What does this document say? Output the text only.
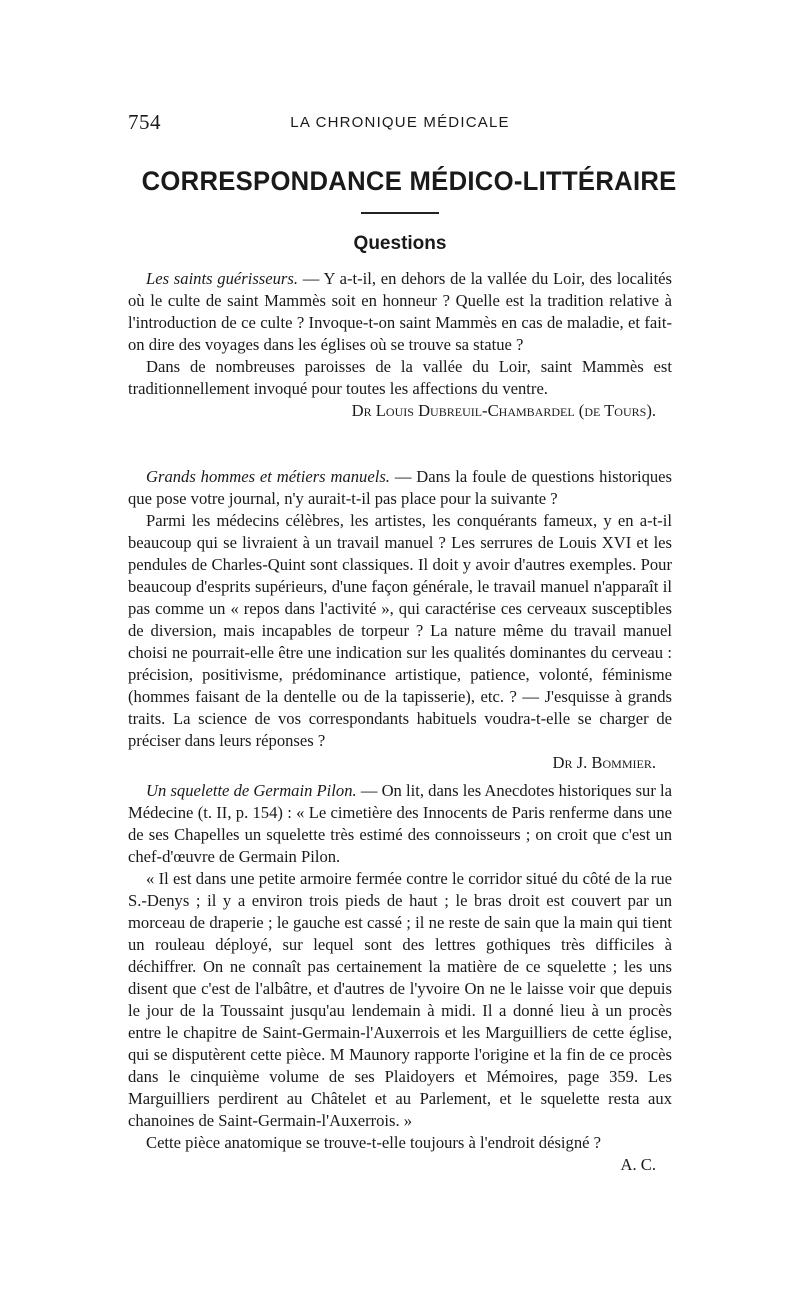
754	LA CHRONIQUE MÉDICALE
CORRESPONDANCE MÉDICO-LITTÉRAIRE
Questions

Les saints guérisseurs. — Y a-t-il, en dehors de la vallée du Loir, des localités où le culte de saint Mammès soit en honneur ? Quelle est la tradition relative à l'introduction de ce culte ? Invoque-t-on saint Mammès en cas de maladie, et fait-on dire des voyages dans les églises où se trouve sa statue ?

Dans de nombreuses paroisses de la vallée du Loir, saint Mammès est traditionnellement invoqué pour toutes les affections du ventre.

Dr Louis Dubreuil-Chambardel (de Tours).

Grands hommes et métiers manuels. — Dans la foule de questions historiques que pose votre journal, n'y aurait-t-il pas place pour la suivante ?

Parmi les médecins célèbres, les artistes, les conquérants fameux, y en a-t-il beaucoup qui se livraient à un travail manuel ? Les serrures de Louis XVI et les pendules de Charles-Quint sont classiques. Il doit y avoir d'autres exemples. Pour beaucoup d'esprits supérieurs, d'une façon générale, le travail manuel n'apparaît il pas comme un « repos dans l'activité », qui caractérise ces cerveaux susceptibles de diversion, mais incapables de torpeur ? La nature même du travail manuel choisi ne pourrait-elle être une indication sur les qualités dominantes du cerveau : précision, positivisme, prédominance artistique, patience, volonté, féminisme (hommes faisant de la dentelle ou de la tapisserie), etc. ? — J'esquisse à grands traits. La science de vos correspondants habituels voudra-t-elle se charger de préciser dans leurs réponses ?

Dr J. Bommier.

Un squelette de Germain Pilon. — On lit, dans les Anecdotes historiques sur la Médecine (t. II, p. 154) : « Le cimetière des Innocents de Paris renferme dans une de ses Chapelles un squelette très estimé des connoisseurs ; on croit que c'est un chef-d'œuvre de Germain Pilon.

« Il est dans une petite armoire fermée contre le corridor situé du côté de la rue S.-Denys ; il y a environ trois pieds de haut ; le bras droit est couvert par un morceau de draperie ; le gauche est cassé ; il ne reste de sain que la main qui tient un rouleau déployé, sur lequel sont des lettres gothiques très difficiles à déchiffrer. On ne connaît pas certainement la matière de ce squelette ; les uns disent que c'est de l'albâtre, et d'autres de l'yvoire On ne le laisse voir que depuis le jour de la Toussaint jusqu'au lendemain à midi. Il a donné lieu à un procès entre le chapitre de Saint-Germain-l'Auxerrois et les Marguilliers de cette église, qui se disputèrent cette pièce. M Maunory rapporte l'origine et la fin de ce procès dans le cinquième volume de ses Plaidoyers et Mémoires, page 359. Les Marguilliers perdirent au Châtelet et au Parlement, et le squelette resta aux chanoines de Saint-Germain-l'Auxerrois. »

Cette pièce anatomique se trouve-t-elle toujours à l'endroit désigné ?

A. C.
